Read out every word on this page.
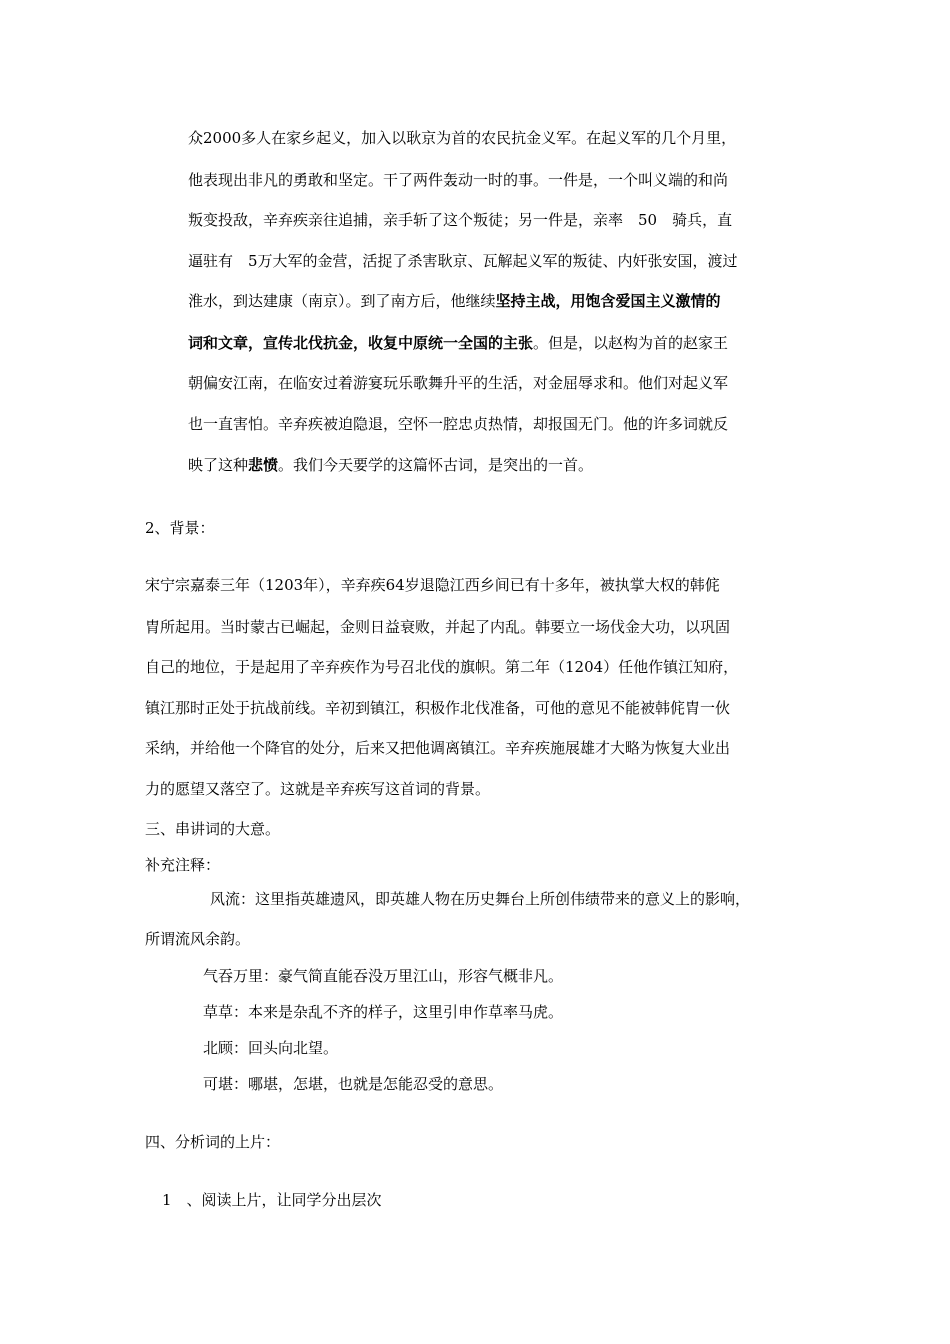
众2000多人在家乡起义，加入以耿京为首的农民抗金义军。在起义军的几个月里，
他表现出非凡的勇敢和坚定。干了两件轰动一时的事。一件是，一个叫义端的和尚
叛变投敌，辛弃疾亲往追捕，亲手斩了这个叛徒；另一件是，亲率　50　骑兵，直
逼驻有　5万大军的金营，活捉了杀害耿京、瓦解起义军的叛徒、内奸张安国，渡过
淮水，到达建康（南京）。到了南方后，他继续坚持主战，用饱含爱国主义激情的
词和文章，宣传北伐抗金，收复中原统一全国的主张。但是，以赵构为首的赵家王
朝偏安江南，在临安过着游宴玩乐歌舞升平的生活，对金屈辱求和。他们对起义军
也一直害怕。辛弃疾被迫隐退，空怀一腔忠贞热情，却报国无门。他的许多词就反
映了这种悲愤。我们今天要学的这篇怀古词，是突出的一首。
2、背景：
宋宁宗嘉泰三年（1203年），辛弃疾64岁退隐江西乡间已有十多年，被执掌大权的韩侂
胄所起用。当时蒙古已崛起，金则日益衰败，并起了内乱。韩要立一场伐金大功，以巩固
自己的地位，于是起用了辛弃疾作为号召北伐的旗帜。第二年（1204）任他作镇江知府，
镇江那时正处于抗战前线。辛初到镇江，积极作北伐准备，可他的意见不能被韩侂胄一伙
采纳，并给他一个降官的处分，后来又把他调离镇江。辛弃疾施展雄才大略为恢复大业出
力的愿望又落空了。这就是辛弃疾写这首词的背景。
三、串讲词的大意。
补充注释：
风流：这里指英雄遗风，即英雄人物在历史舞台上所创伟绩带来的意义上的影响，
所谓流风余韵。
气吞万里：豪气简直能吞没万里江山，形容气概非凡。
草草：本来是杂乱不齐的样子，这里引申作草率马虎。
北顾：回头向北望。
可堪：哪堪，怎堪，也就是怎能忍受的意思。
四、分析词的上片：
1　、阅读上片，让同学分出层次
